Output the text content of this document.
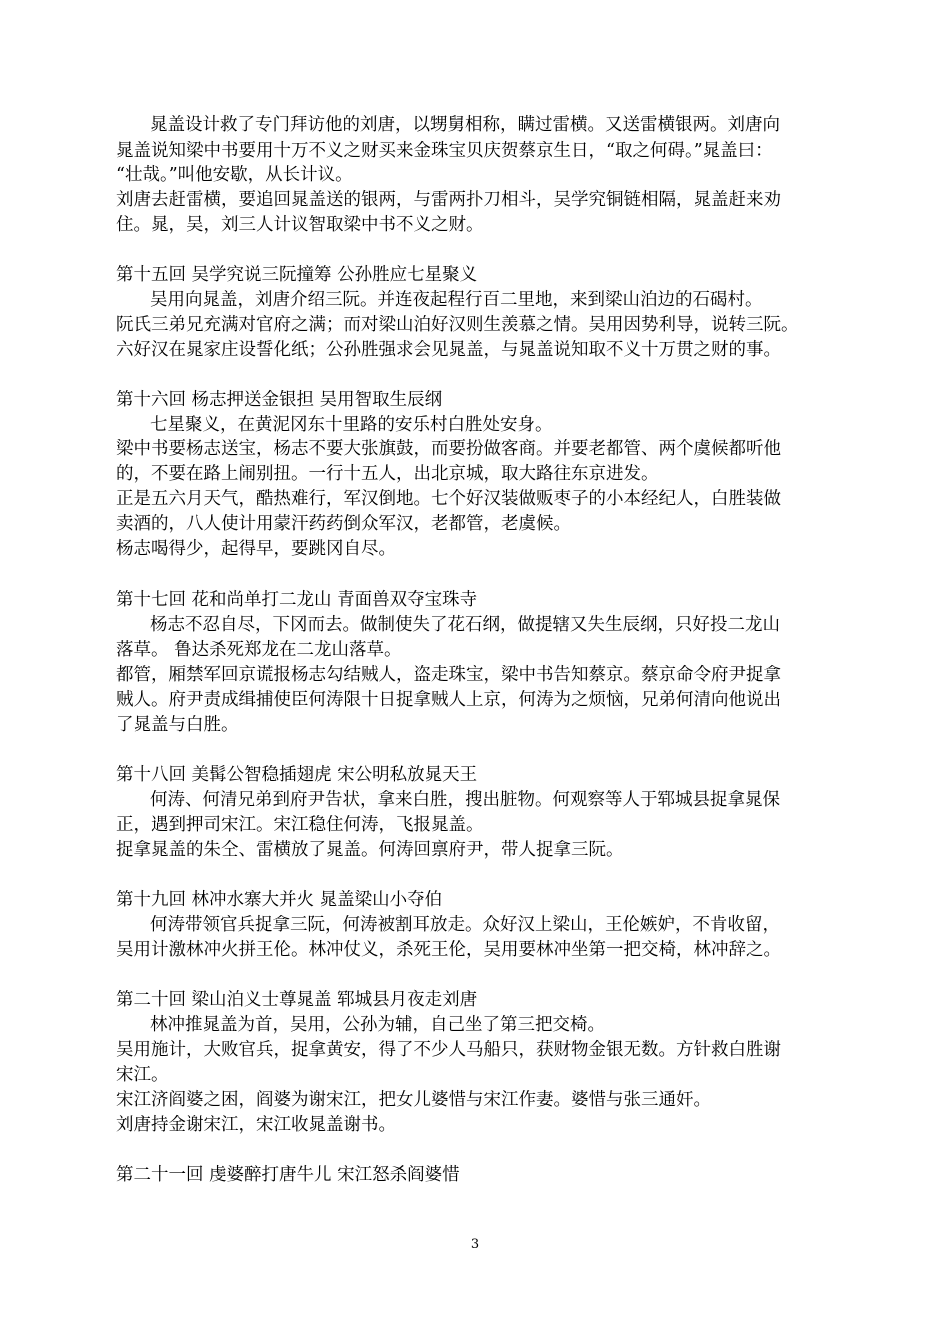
晁盖设计救了专门拜访他的刘唐，以甥舅相称，瞒过雷横。又送雷横银两。刘唐向
晁盖说知梁中书要用十万不义之财买来金珠宝贝庆贺蔡京生日，“取之何碍。”晁盖曰：
“壮哉。”叫他安歇，从长计议。
刘唐去赶雷横，要追回晁盖送的银两，与雷两扑刀相斗，吴学究铜链相隔，晁盖赶来劝
住。晁，吴，刘三人计议智取梁中书不义之财。
第十五回 吴学究说三阮撞筹 公孙胜应七星聚义
吴用向晁盖，刘唐介绍三阮。并连夜起程行百二里地，来到梁山泊边的石碣村。
阮氏三弟兄充满对官府之满；而对梁山泊好汉则生羡慕之情。吴用因势利导，说转三阮。
六好汉在晁家庄设誓化纸；公孙胜强求会见晁盖，与晁盖说知取不义十万贯之财的事。
第十六回 杨志押送金银担 吴用智取生辰纲
七星聚义，在黄泥冈东十里路的安乐村白胜处安身。
梁中书要杨志送宝，杨志不要大张旗鼓，而要扮做客商。并要老都管、两个虞候都听他
的，不要在路上闹别扭。一行十五人，出北京城，取大路往东京进发。
正是五六月天气，酷热难行，军汉倒地。七个好汉装做贩枣子的小本经纪人，白胜装做
卖酒的，八人使计用蒙汗药药倒众军汉，老都管，老虞候。
杨志喝得少，起得早，要跳冈自尽。
第十七回 花和尚单打二龙山 青面兽双夺宝珠寺
杨志不忍自尽，下冈而去。做制使失了花石纲，做提辖又失生辰纲，只好投二龙山
落草。 鲁达杀死郑龙在二龙山落草。
都管，厢禁军回京谎报杨志勾结贼人，盗走珠宝，梁中书告知蔡京。蔡京命令府尹捉拿
贼人。府尹责成缉捕使臣何涛限十日捉拿贼人上京，何涛为之烦恼，兄弟何清向他说出
了晁盖与白胜。
第十八回 美髯公智稳插翅虎 宋公明私放晁天王
何涛、何清兄弟到府尹告状，拿来白胜，搜出脏物。何观察等人于郓城县捉拿晁保
正，遇到押司宋江。宋江稳住何涛，飞报晁盖。
捉拿晁盖的朱仝、雷横放了晁盖。何涛回禀府尹，带人捉拿三阮。
第十九回 林冲水寨大并火 晁盖梁山小夺伯
何涛带领官兵捉拿三阮，何涛被割耳放走。众好汉上梁山，王伦嫉妒，不肯收留，
吴用计激林冲火拼王伦。林冲仗义，杀死王伦，吴用要林冲坐第一把交椅，林冲辞之。
第二十回 梁山泊义士尊晁盖 郓城县月夜走刘唐
林冲推晁盖为首，吴用，公孙为辅，自己坐了第三把交椅。
吴用施计，大败官兵，捉拿黄安，得了不少人马船只，获财物金银无数。方针救白胜谢
宋江。
宋江济阎婆之困，阎婆为谢宋江，把女儿婆惜与宋江作妻。婆惜与张三通奸。
刘唐持金谢宋江，宋江收晁盖谢书。
第二十一回 虔婆醉打唐牛儿 宋江怒杀阎婆惜
3
